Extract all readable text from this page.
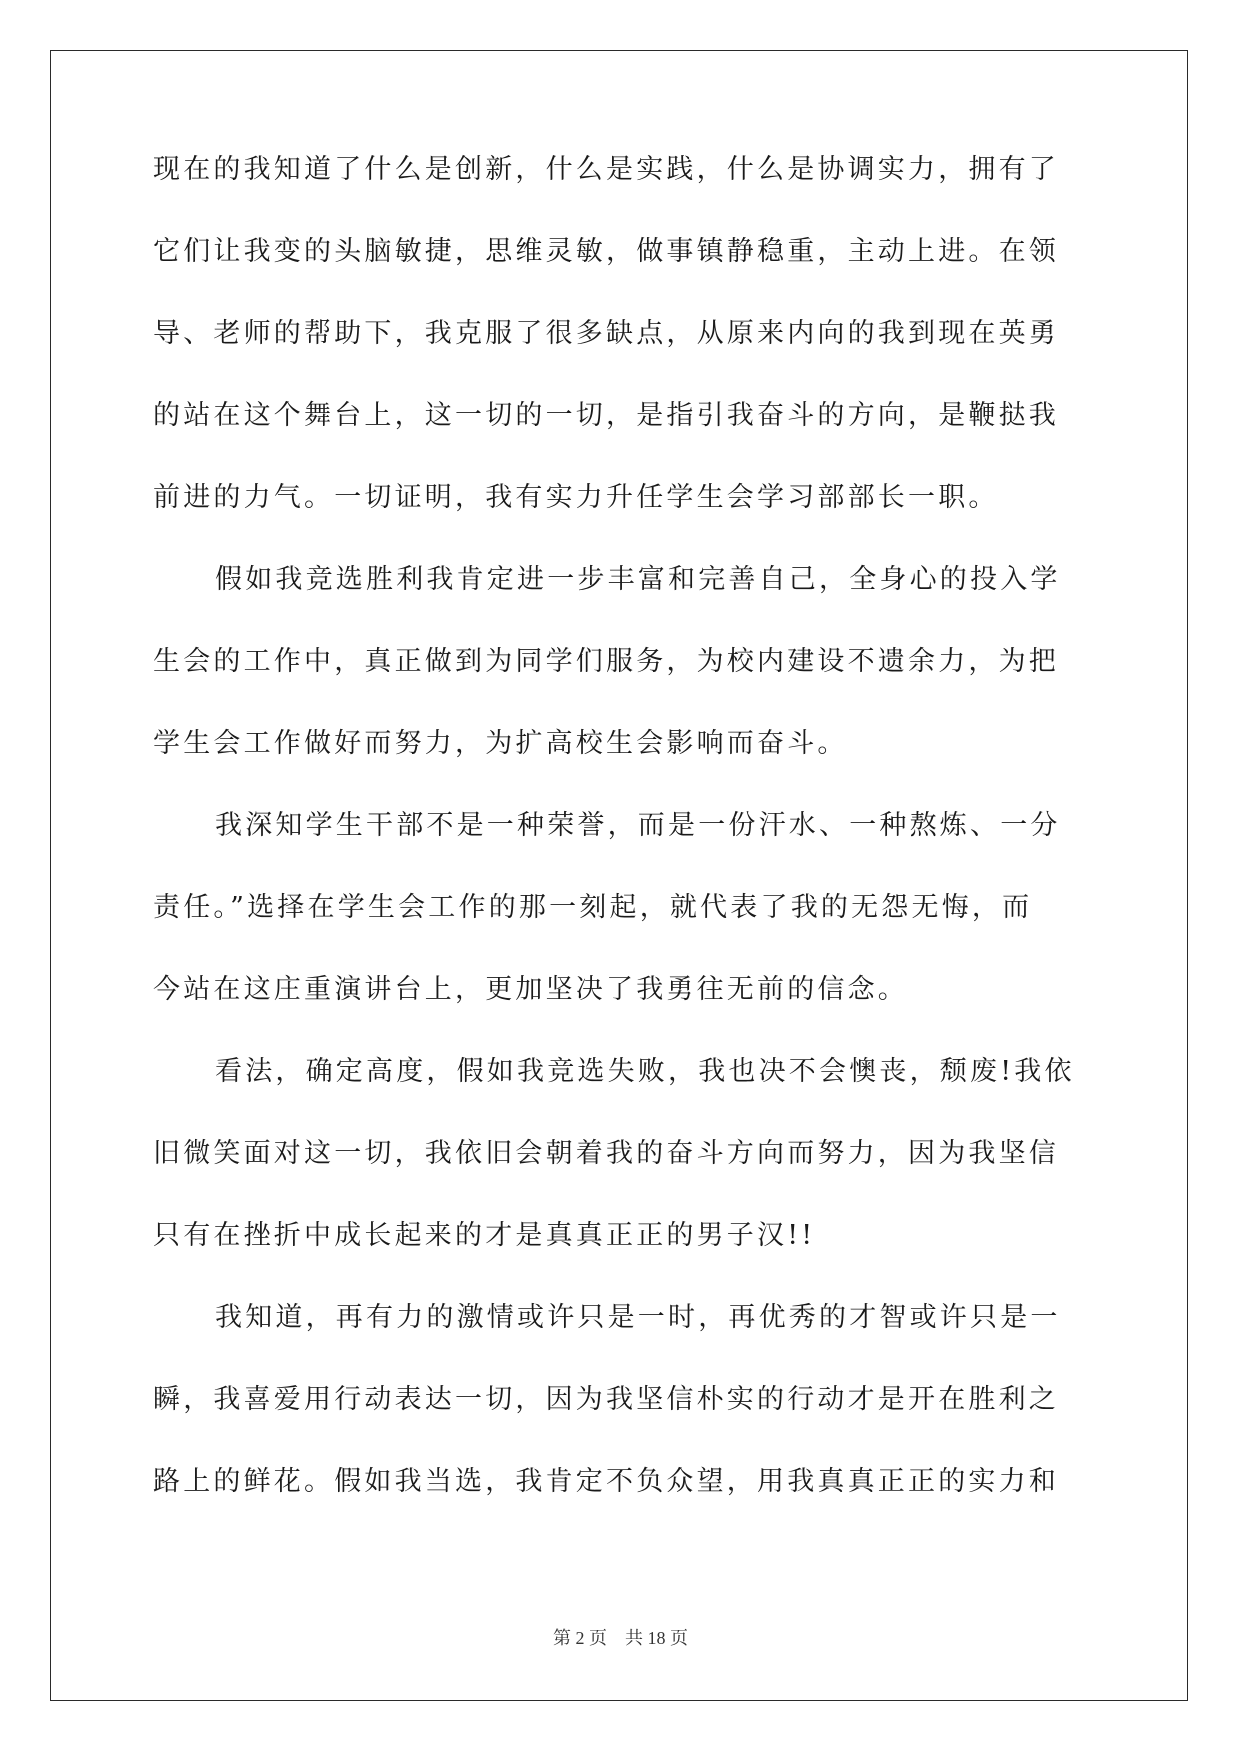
现在的我知道了什么是创新，什么是实践，什么是协调实力，拥有了
它们让我变的头脑敏捷，思维灵敏，做事镇静稳重，主动上进。在领
导、老师的帮助下，我克服了很多缺点，从原来内向的我到现在英勇
的站在这个舞台上，这一切的一切，是指引我奋斗的方向，是鞭挞我
前进的力气。一切证明，我有实力升任学生会学习部部长一职。
假如我竞选胜利我肯定进一步丰富和完善自己，全身心的投入学
生会的工作中，真正做到为同学们服务，为校内建设不遗余力，为把
学生会工作做好而努力，为扩高校生会影响而奋斗。
我深知学生干部不是一种荣誉，而是一份汗水、一种熬炼、一分
责任。”选择在学生会工作的那一刻起，就代表了我的无怨无悔，而
今站在这庄重演讲台上，更加坚决了我勇往无前的信念。
看法，确定高度，假如我竞选失败，我也决不会懊丧，颓废!我依
旧微笑面对这一切，我依旧会朝着我的奋斗方向而努力，因为我坚信
只有在挫折中成长起来的才是真真正正的男子汉!!
我知道，再有力的激情或许只是一时，再优秀的才智或许只是一
瞬，我喜爱用行动表达一切，因为我坚信朴实的行动才是开在胜利之
路上的鲜花。假如我当选，我肯定不负众望，用我真真正正的实力和
第 2 页    共 18 页
